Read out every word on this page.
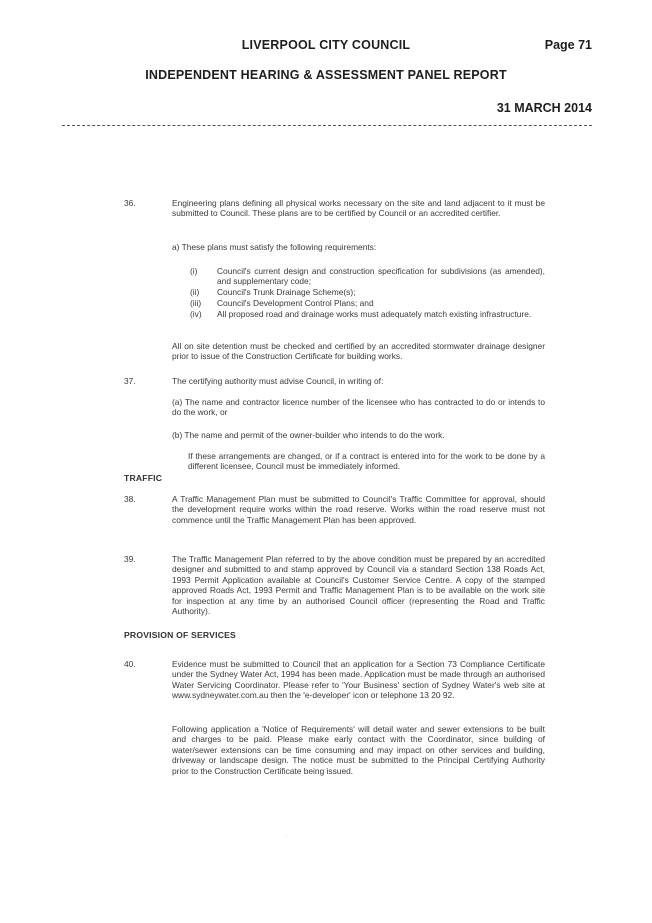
LIVERPOOL CITY COUNCIL	Page 71
INDEPENDENT HEARING & ASSESSMENT PANEL REPORT
31 MARCH 2014
36.	Engineering plans defining all physical works necessary on the site and land adjacent to it must be submitted to Council. These plans are to be certified by Council or an accredited certifier.
a) These plans must satisfy the following requirements:
(i) Council's current design and construction specification for subdivisions (as amended), and supplementary code;
(ii) Council's Trunk Drainage Scheme(s);
(iii) Council's Development Control Plans; and
(iv) All proposed road and drainage works must adequately match existing infrastructure.
All on site detention must be checked and certified by an accredited stormwater drainage designer prior to issue of the Construction Certificate for building works.
37.	The certifying authority must advise Council, in writing of:
(a) The name and contractor licence number of the licensee who has contracted to do or intends to do the work, or
(b) The name and permit of the owner-builder who intends to do the work.
If these arrangements are changed, or if a contract is entered into for the work to be done by a different licensee, Council must be immediately informed.
TRAFFIC
38.	A Traffic Management Plan must be submitted to Council's Traffic Committee for approval, should the development require works within the road reserve. Works within the road reserve must not commence until the Traffic Management Plan has been approved.
39.	The Traffic Management Plan referred to by the above condition must be prepared by an accredited designer and submitted to and stamp approved by Council via a standard Section 138 Roads Act, 1993 Permit Application available at Council's Customer Service Centre. A copy of the stamped approved Roads Act, 1993 Permit and Traffic Management Plan is to be available on the work site for inspection at any time by an authorised Council officer (representing the Road and Traffic Authority).
PROVISION OF SERVICES
40.	Evidence must be submitted to Council that an application for a Section 73 Compliance Certificate under the Sydney Water Act, 1994 has been made. Application must be made through an authorised Water Servicing Coordinator. Please refer to 'Your Business' section of Sydney Water's web site at www.sydneywater.com.au then the 'e-developer' icon or telephone 13 20 92.
Following application a 'Notice of Requirements' will detail water and sewer extensions to be built and charges to be paid. Please make early contact with the Coordinator, since building of water/sewer extensions can be time consuming and may impact on other services and building, driveway or landscape design. The notice must be submitted to the Principal Certifying Authority prior to the Construction Certificate being issued.
.
